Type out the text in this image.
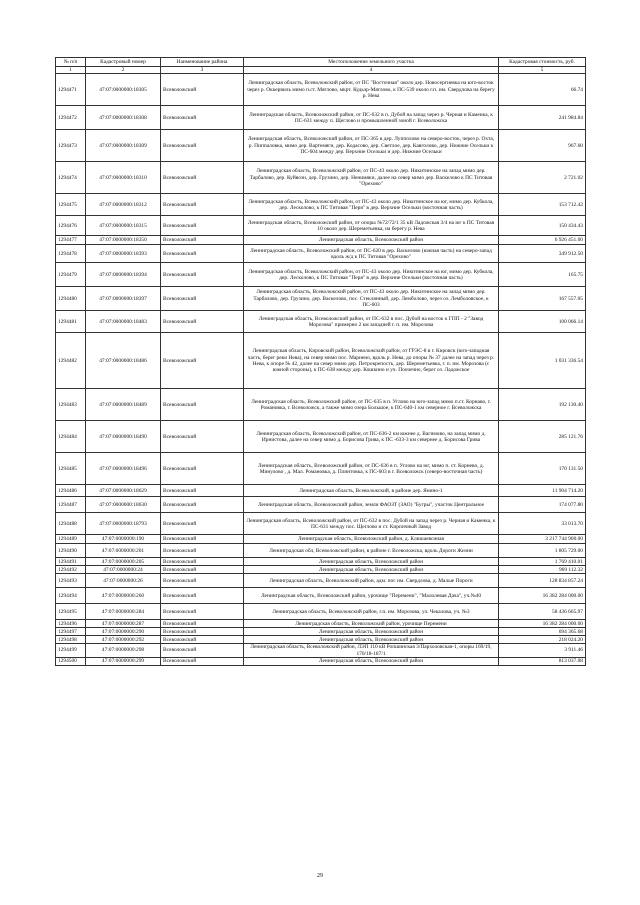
№ п/п	Кадастровый номер	Наименование района	Местоположение земельного участка	Кадастровая стоимость, руб.
1	2	3	4	5
1294471	47:07:0000000:18305	Всеволожский	Ленинградская область, Всеволожский район, от ПС "Восточная" около дер. Новосергиевка на юго-восток через р. Оккервиль мимо п.ст. Мяглово, мкрт. Кудьэр-Мяглово, к ПС-539 около г.п. им. Свердлова на берегу р. Нева	66.74
1294472	47:07:0000000:18308	Всеволожский	Ленинградская область, Всеволожский район, от ПС-632 в п. Дубой на запад через р. Черная и Каменка, к ПС-631 между п. Щеглово и промышленной зоной г. Всеволожска	241 984.84
1294473	47:07:0000000:18309	Всеволожский	Ленинградская область, Всеволожский район, от ПС-365 в дер. Лупполово на северо-восток, через р. Охта, р. Пиппаловка, мимо дер. Вартемяги, дер. Кодасово, дер. Светлое, дер. Кавголово, дер. Нижние Осельки к ПС-604 между дер. Верхние Осельки и дер. Нижние Осельки	967.60
1294474	47:07:0000000:18310	Всеволожский	Ленинградская область, Всеволожский район, от ПС-43 около дер. Никитинское на запад мимо дер. Тарбалово, дер. Куйвози, дер. Грузино, дер. Ненимяки, далее на север мимо дер. Васкелово к ПС Титовая "Орехово"	2 721.02
1294475	47:07:0000000:18312	Всеволожский	Ленинградская область, Всеволожский район, от ПС-43 около дер. Никитинское на юг, мимо дер. Кубкола, дер. Лесколово, к ПС Титовая "Перя" в дер. Верхние Осельки (восточная часть)	153 712.42
1294476	47:07:0000000:18315	Всеволожский	Ленинградская область, Всеволожский район, от опоры №72/72/1 35 кВ Ладожская 3/4 на юг к ПС Титовая 10 около дер. Шереметьевка, на берегу р. Нева	150 434.43
1294477	47:07:0000000:18350	Всеволожский	Ленинградская область, Всеволожский район	6 926 451.00
1294478	47:07:0000000:18393	Всеволожский	Ленинградская область, Всеволожский район, от ПС-620 в дер. Васкелово (южная часть) на северо-запад вдоль ж/д к ПС Титовая "Орехово"	349 912.50
1294479	47:07:0000000:18394	Всеволожский	Ленинградская область, Всеволожский район, от ПС-43 около дер. Никитинское на юг, мимо дер. Кубкола, дер. Лесколово, к ПС Титовая "Перя" в дер. Верхние Осельки (восточная часть)	165.75
1294480	47:07:0000000:18397	Всеволожский	Ленинградская область, Всеволожский район, от ПС-43 около дер. Никитинское на запад мимо дер. Тарбалово, дер. Грузино, дер. Васкелово, пос. Стеклянный, дер. Лемболово, через оз. Лемболовское, к ПС-603	167 557.05
1294481	47:07:0000000:18483	Всеволожский	Ленинградская область, Всеволожский район, от ПС-632 в пос. Дубой на восток к ГПП - 2 "Завод Морозова" примерно 2 км западней г. п. им. Морозова	100 066.14
1294482	47:07:0000000:18486	Всеволожский	Ленинградская область, Кировский район, Всеволожский район, от ГРЭС-8 в г. Кировск (юго-западная часть, берег реки Нева), на север мимо пос. Мариено, вдоль р. Нева, до опоры № 37 далее на запад через р. Нева, к опоре № 42, далее на север мимо дер. Петрокрепость, дер. Шереметьевка, г. п. им. Морозова (с южной стороны), к ПС-638 между дер. Кошкино и уч. Поочечно, берег оз. Ладожское	1 031 336.54
1294483	47:07:0000000:18489	Всеволожский	Ленинградская область, Всеволожский район, от ПС-635 в п. Углово на юго-запад мимо п.ст. Корнаво, г. Романовка, г. Всеволожск, а также мимо озера Большое, к ПС-640-1 км северное г. Всеволожска	192 130.40
1294484	47:07:0000000:18490	Всеволожский	Ленинградская область, Всеволожский район, от ПС-636-2 км южнее д. Вагимово, на запад мимо д. Ирнистова, далее на север мимо д. Борисова Грива, к ПС -633-3 км севернее д. Борисова Грива	285 121.76
1294485	47:07:0000000:18496	Всеволожский	Ленинградская область, Всеволожский район, от ПС-636 в п. Углово на юг, мимо п. ст. Корнево, д. Минулово , д. Мал. Романовка, д. Плинтовка, к ПС-603 в г. Всеволожск (северо-восточная часть)	170 131.50
1294486	47:07:0000000:18629	Всеволожский	Ленинградская область, Всеволожский, в районе дер. Янино-1	11 904 714.20
1294487	47:07:0000000:18630	Всеволожский	Ленинградская область, Всеволожский район, земли ФАОЗТ (ЗАО) "Бугры", участок Центральное	174 077.80
1294488	47:07:0000000:18793	Всеволожский	Ленинградская область, Всеволожский район, от ПС-632 в пос. Дубой на запад через р. Черная и Каменка, к ПС-631 между пос. Щеглово и ст. Кирпичный Завод	33 013.70
1294489	47:07:0000000:190	Всеволожский	Ленинградская область, Всеволожский район, д. Клишаевсиная	3 217 744 900.00
1294490	47:07:0000000:201	Всеволожский	Ленинградская обл, Всеволожский район, в районе г. Всеволожска, вдоль Дороги Жизни	1 805 729.00
1294491	47:07:0000000:205	Всеволожский	Ленинградская область, Всеволожский район	1 769 410.01
1294492	47:07:0000000:24	Всеволожский	Ленинградская область, Всеволожский район	969 112.32
1294493	47:07:0000000:26	Всеволожский	Ленинградская область, Всеволожский район, адм. пос им. Свердлова, д. Малые Пороги	128 834 857.24
1294494	47:07:0000000:260	Всеволожский	Ленинградская область, Всеволожский район, урочище "Перемени", "Малолевая Дача", уч.№40	16 382 284 000.00
1294495	47:07:0000000:284	Всеволожский	Ленинградская область, Всеволожский район, г.п. им. Морозова, ул. Чекалова, уч. №3	58 436 665.97
1294496	47:07:0000000:287	Всеволожский	Ленинградская область, Всеволожский район, урочище Перемени	16 382 284 000.00
1294497	47:07:0000000:290	Всеволожский	Ленинградская область, Всеволожский район	694 365.68
1294498	47:07:0000000:292	Всеволожский	Ленинградская область, Всеволожский район	218 024.20
1294499	47:07:0000000:298	Всеволожский	Ленинградская область, Всеволожский район, ЛЭП 110 кВ Ропшинская 3/Пархоловская-1, опоры 169/19, 170/18-187/1	3 911.46
1294500	47:07:0000000:299	Всеволожский	Ленинградская область, Всеволожский район	813 037.08
29
